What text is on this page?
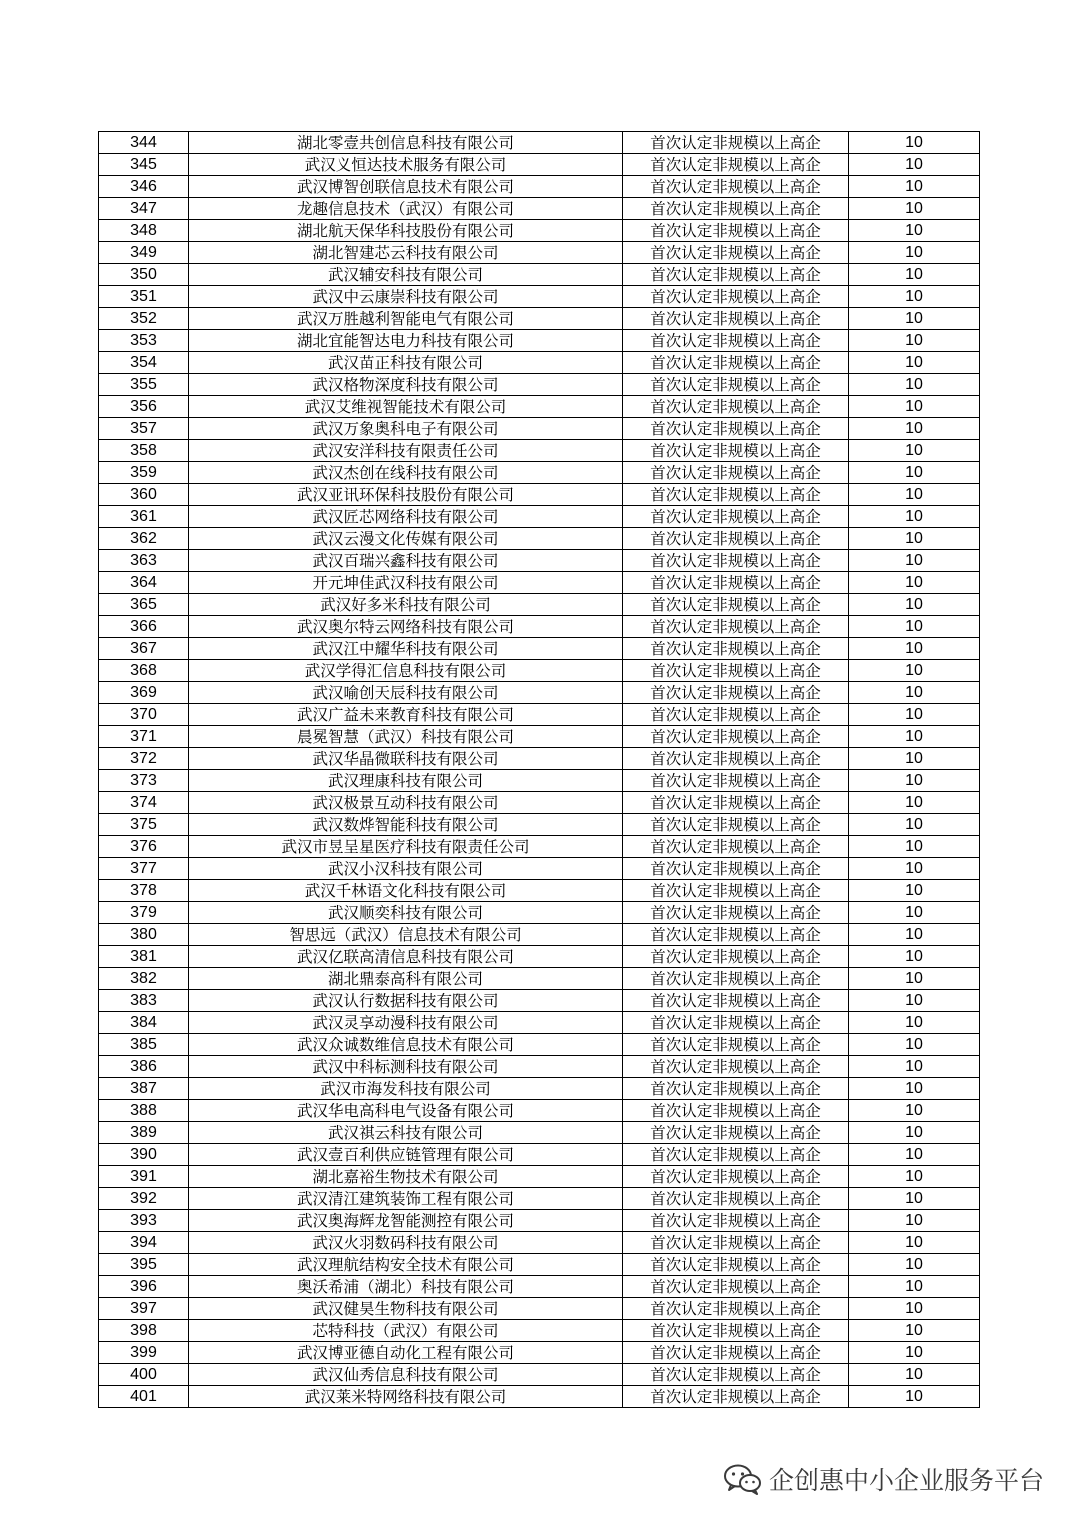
344	湖北零壹共创信息科技有限公司	首次认定非规模以上高企	10
345	武汉义恒达技术服务有限公司	首次认定非规模以上高企	10
346	武汉博智创联信息技术有限公司	首次认定非规模以上高企	10
347	龙趣信息技术（武汉）有限公司	首次认定非规模以上高企	10
348	湖北航天保华科技股份有限公司	首次认定非规模以上高企	10
349	湖北智建芯云科技有限公司	首次认定非规模以上高企	10
350	武汉辅安科技有限公司	首次认定非规模以上高企	10
351	武汉中云康崇科技有限公司	首次认定非规模以上高企	10
352	武汉万胜越利智能电气有限公司	首次认定非规模以上高企	10
353	湖北宜能智达电力科技有限公司	首次认定非规模以上高企	10
354	武汉苗正科技有限公司	首次认定非规模以上高企	10
355	武汉格物深度科技有限公司	首次认定非规模以上高企	10
356	武汉艾维视智能技术有限公司	首次认定非规模以上高企	10
357	武汉万象奥科电子有限公司	首次认定非规模以上高企	10
358	武汉安洋科技有限责任公司	首次认定非规模以上高企	10
359	武汉杰创在线科技有限公司	首次认定非规模以上高企	10
360	武汉亚讯环保科技股份有限公司	首次认定非规模以上高企	10
361	武汉匠芯网络科技有限公司	首次认定非规模以上高企	10
362	武汉云漫文化传媒有限公司	首次认定非规模以上高企	10
363	武汉百瑞兴鑫科技有限公司	首次认定非规模以上高企	10
364	开元坤佳武汉科技有限公司	首次认定非规模以上高企	10
365	武汉好多米科技有限公司	首次认定非规模以上高企	10
366	武汉奥尔特云网络科技有限公司	首次认定非规模以上高企	10
367	武汉江中耀华科技有限公司	首次认定非规模以上高企	10
368	武汉学得汇信息科技有限公司	首次认定非规模以上高企	10
369	武汉喻创天辰科技有限公司	首次认定非规模以上高企	10
370	武汉广益未来教育科技有限公司	首次认定非规模以上高企	10
371	晨冕智慧（武汉）科技有限公司	首次认定非规模以上高企	10
372	武汉华晶微联科技有限公司	首次认定非规模以上高企	10
373	武汉理康科技有限公司	首次认定非规模以上高企	10
374	武汉极景互动科技有限公司	首次认定非规模以上高企	10
375	武汉数烨智能科技有限公司	首次认定非规模以上高企	10
376	武汉市昱呈星医疗科技有限责任公司	首次认定非规模以上高企	10
377	武汉小汉科技有限公司	首次认定非规模以上高企	10
378	武汉千林语文化科技有限公司	首次认定非规模以上高企	10
379	武汉顺奕科技有限公司	首次认定非规模以上高企	10
380	智思远（武汉）信息技术有限公司	首次认定非规模以上高企	10
381	武汉亿联高清信息科技有限公司	首次认定非规模以上高企	10
382	湖北鼎泰高科有限公司	首次认定非规模以上高企	10
383	武汉认行数据科技有限公司	首次认定非规模以上高企	10
384	武汉灵享动漫科技有限公司	首次认定非规模以上高企	10
385	武汉众诚数维信息技术有限公司	首次认定非规模以上高企	10
386	武汉中科标测科技有限公司	首次认定非规模以上高企	10
387	武汉市海发科技有限公司	首次认定非规模以上高企	10
388	武汉华电高科电气设备有限公司	首次认定非规模以上高企	10
389	武汉祺云科技有限公司	首次认定非规模以上高企	10
390	武汉壹百利供应链管理有限公司	首次认定非规模以上高企	10
391	湖北嘉裕生物技术有限公司	首次认定非规模以上高企	10
392	武汉清江建筑装饰工程有限公司	首次认定非规模以上高企	10
393	武汉奥海辉龙智能测控有限公司	首次认定非规模以上高企	10
394	武汉火羽数码科技有限公司	首次认定非规模以上高企	10
395	武汉理航结构安全技术有限公司	首次认定非规模以上高企	10
396	奥沃希浦（湖北）科技有限公司	首次认定非规模以上高企	10
397	武汉健昊生物科技有限公司	首次认定非规模以上高企	10
398	芯特科技（武汉）有限公司	首次认定非规模以上高企	10
399	武汉博亚德自动化工程有限公司	首次认定非规模以上高企	10
400	武汉仙秀信息科技有限公司	首次认定非规模以上高企	10
401	武汉莱米特网络科技有限公司	首次认定非规模以上高企	10
企创惠中小企业服务平台
